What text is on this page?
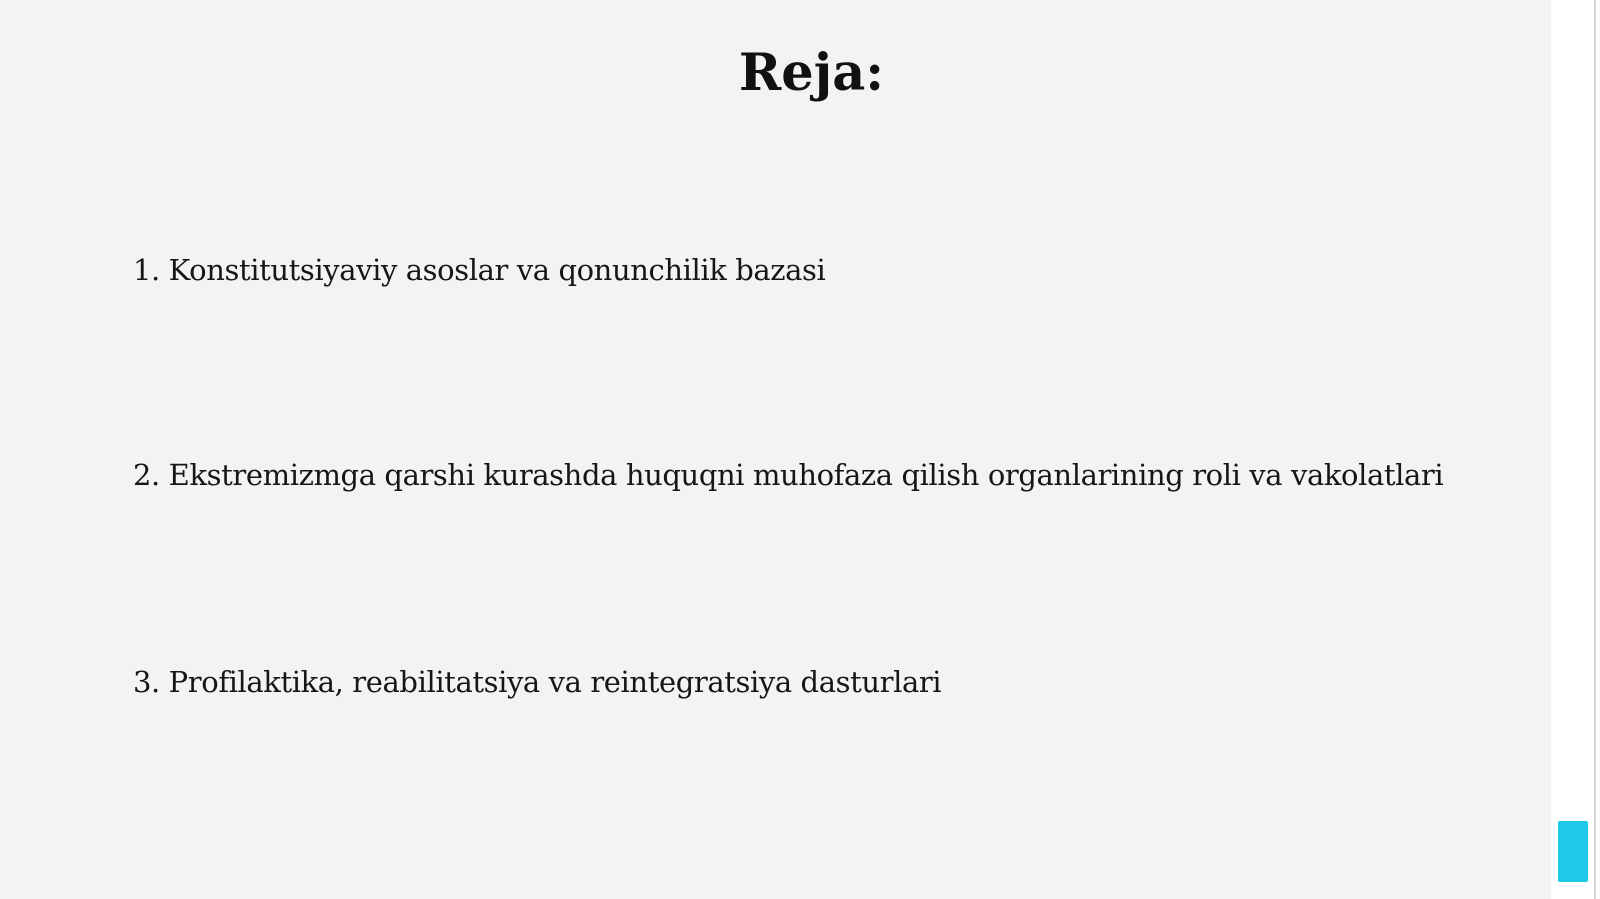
Reja:

1. Konstitutsiyaviy asoslar va qonunchilik bazasi

2. Ekstremizmga qarshi kurashda huquqni muhofaza qilish organlarining roli va vakolatlari

3. Profilaktika, reabilitatsiya va reintegratsiya dasturlari
